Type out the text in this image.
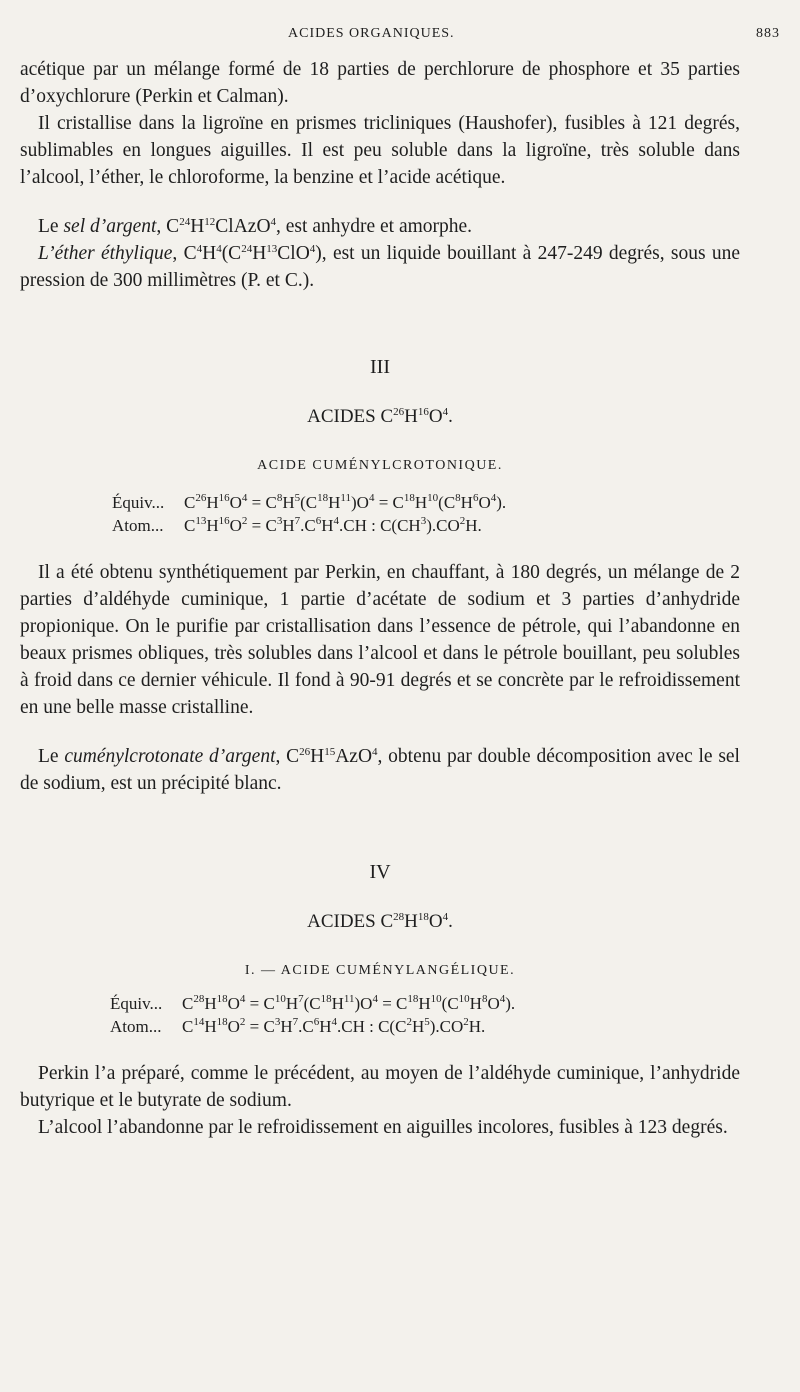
ACIDES ORGANIQUES.	883

acétique par un mélange formé de 18 parties de perchlorure de phosphore et 35 parties d’oxychlorure (Perkin et Calman).

Il cristallise dans la ligroïne en prismes tricliniques (Haushofer), fusibles à 121 degrés, sublimables en longues aiguilles. Il est peu soluble dans la ligroïne, très soluble dans l’alcool, l’éther, le chloroforme, la benzine et l’acide acétique.

Le sel d’argent, $C^{24}H^{12}ClAzO^4$, est anhydre et amorphe.

L’éther éthylique, $C^4H^4(C^{24}H^{13}ClO^4)$, est un liquide bouillant à 247-249 degrés, sous une pression de 300 millimètres (P. et C.).

III

ACIDES $C^{26}H^{16}O^4$.

ACIDE CUMÉNYLCROTONIQUE.

Équiv... $C^{26}H^{16}O^4 = C^8H^5(C^{18}H^{11})O^4 = C^{18}H^{10}(C^8H^6O^4)$.
Atom... $C^{13}H^{16}O^2 = C^3H^7.C^6H^4.CH$ : $C(CH^3).CO^2H$.

Il a été obtenu synthétiquement par Perkin, en chauffant, à 180 degrés, un mélange de 2 parties d’aldéhyde cuminique, 1 partie d’acétate de sodium et 3 parties d’anhydride propionique. On le purifie par cristallisation dans l’essence de pétrole, qui l’abandonne en beaux prismes obliques, très solubles dans l’alcool et dans le pétrole bouillant, peu solubles à froid dans ce dernier véhicule. Il fond à 90-91 degrés et se concrète par le refroidissement en une belle masse cristalline.

Le cuménylcrotonate d’argent, $C^{26}H^{15}AzO^4$, obtenu par double décomposition avec le sel de sodium, est un précipité blanc.

IV

ACIDES $C^{28}H^{18}O^4$.

I. — ACIDE CUMÉNYLANGÉLIQUE.

Équiv... $C^{28}H^{18}O^4 = C^{10}H^7(C^{18}H^{11})O^4 = C^{18}H^{10}(C^{10}H^8O^4)$.
Atom... $C^{14}H^{18}O^2 = C^3H^7.C^6H^4.CH$ : $C(C^2H^5).CO^2H$.

Perkin l’a préparé, comme le précédent, au moyen de l’aldéhyde cuminique, l’anhydride butyrique et le butyrate de sodium.

L’alcool l’abandonne par le refroidissement en aiguilles incolores, fusibles à 123 degrés.
